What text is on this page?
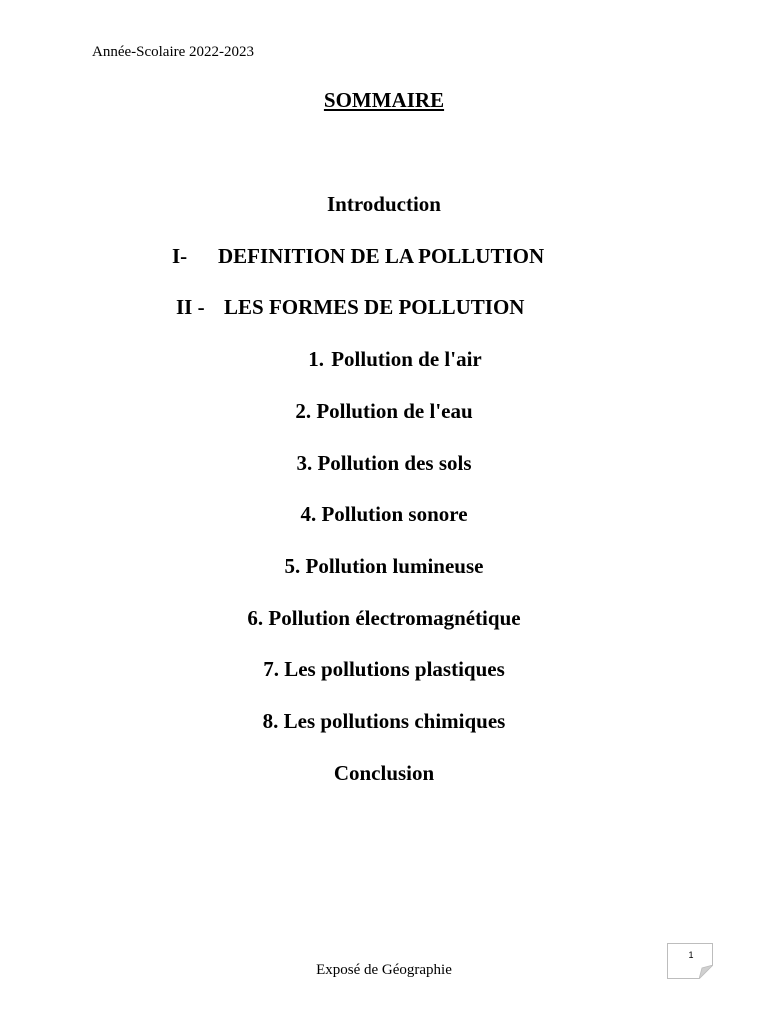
Année-Scolaire 2022-2023
SOMMAIRE
Introduction
I- DEFINITION DE LA POLLUTION
II - LES FORMES DE POLLUTION
1. Pollution de l'air
2. Pollution de l'eau
3. Pollution des sols
4. Pollution sonore
5. Pollution lumineuse
6. Pollution électromagnétique
7. Les pollutions plastiques
8. Les pollutions chimiques
Conclusion
Exposé de Géographie
1
